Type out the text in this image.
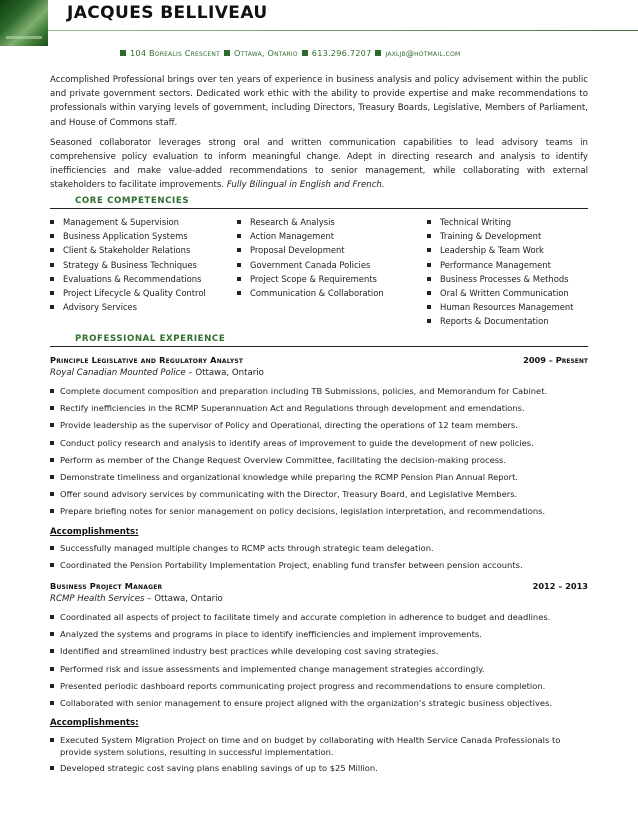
JACQUES BELLIVEAU
104 Borealis Crescent Ottawa, Ontario 613.296.7207 jaxljb@hotmail.com

Accomplished Professional brings over ten years of experience in business analysis and policy advisement within the public and private government sectors. Dedicated work ethic with the ability to provide expertise and make recommendations to professionals within varying levels of government, including Directors, Treasury Boards, Legislative, Members of Parliament, and House of Commons staff.

Seasoned collaborator leverages strong oral and written communication capabilities to lead advisory teams in comprehensive policy evaluation to inform meaningful change. Adept in directing research and analysis to identify inefficiencies and make value-added recommendations to senior management, while collaborating with external stakeholders to facilitate improvements. Fully Bilingual in English and French.

CORE COMPETENCIES
Management & Supervision
Business Application Systems
Client & Stakeholder Relations
Strategy & Business Techniques
Evaluations & Recommendations
Project Lifecycle & Quality Control
Advisory Services
Research & Analysis
Action Management
Proposal Development
Government Canada Policies
Project Scope & Requirements
Communication & Collaboration
Technical Writing
Training & Development
Leadership & Team Work
Performance Management
Business Processes & Methods
Oral & Written Communication
Human Resources Management
Reports & Documentation
PROFESSIONAL EXPERIENCE
Principle Legislative and Regulatory Analyst	2009 – Present
Royal Canadian Mounted Police – Ottawa, Ontario
Complete document composition and preparation including TB Submissions, policies, and Memorandum for Cabinet.
Rectify inefficiencies in the RCMP Superannuation Act and Regulations through development and emendations.
Provide leadership as the supervisor of Policy and Operational, directing the operations of 12 team members.
Conduct policy research and analysis to identify areas of improvement to guide the development of new policies.
Perform as member of the Change Request Overview Committee, facilitating the decision-making process.
Demonstrate timeliness and organizational knowledge while preparing the RCMP Pension Plan Annual Report.
Offer sound advisory services by communicating with the Director, Treasury Board, and Legislative Members.
Prepare briefing notes for senior management on policy decisions, legislation interpretation, and recommendations.
Accomplishments:
Successfully managed multiple changes to RCMP acts through strategic team delegation.
Coordinated the Pension Portability Implementation Project, enabling fund transfer between pension accounts.
Business Project Manager	2012 – 2013
RCMP Health Services – Ottawa, Ontario
Coordinated all aspects of project to facilitate timely and accurate completion in adherence to budget and deadlines.
Analyzed the systems and programs in place to identify inefficiencies and implement improvements.
Identified and streamlined industry best practices while developing cost saving strategies.
Performed risk and issue assessments and implemented change management strategies accordingly.
Presented periodic dashboard reports communicating project progress and recommendations to ensure completion.
Collaborated with senior management to ensure project aligned with the organization’s strategic business objectives.
Accomplishments:
Executed System Migration Project on time and on budget by collaborating with Health Service Canada Professionals to provide system solutions, resulting in successful implementation.
Developed strategic cost saving plans enabling savings of up to $25 Million.
